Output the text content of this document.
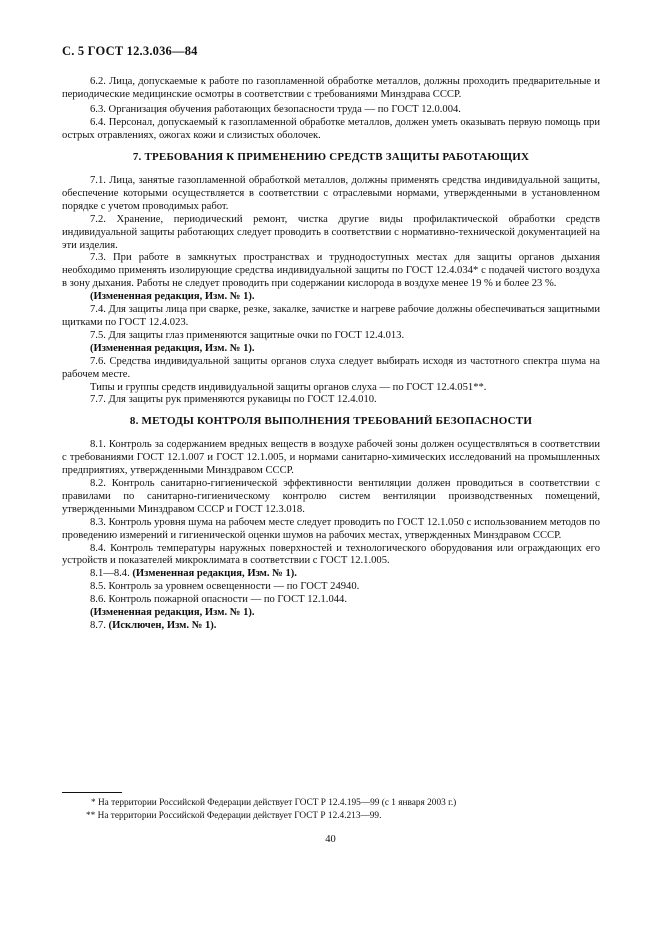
С. 5 ГОСТ 12.3.036—84

6.2. Лица, допускаемые к работе по газопламенной обработке металлов, должны проходить предварительные и периодические медицинские осмотры в соответствии с требованиями Минздрава СССР.

6.3. Организация обучения работающих безопасности труда — по ГОСТ 12.0.004.

6.4. Персонал, допускаемый к газопламенной обработке металлов, должен уметь оказывать первую помощь при острых отравлениях, ожогах кожи и слизистых оболочек.

7. ТРЕБОВАНИЯ К ПРИМЕНЕНИЮ СРЕДСТВ ЗАЩИТЫ РАБОТАЮЩИХ

7.1. Лица, занятые газопламенной обработкой металлов, должны применять средства индивидуальной защиты, обеспечение которыми осуществляется в соответствии с отраслевыми нормами, утвержденными в установленном порядке с учетом проводимых работ.

7.2. Хранение, периодический ремонт, чистка другие виды профилактической обработки средств индивидуальной защиты работающих следует проводить в соответствии с нормативно-технической документацией на эти изделия.

7.3. При работе в замкнутых пространствах и труднодоступных местах для защиты органов дыхания необходимо применять изолирующие средства индивидуальной защиты по ГОСТ 12.4.034* с подачей чистого воздуха в зону дыхания. Работы не следует проводить при содержании кислорода в воздухе менее 19 % и более 23 %.

(Измененная редакция, Изм. № 1).

7.4. Для защиты лица при сварке, резке, закалке, зачистке и нагреве рабочие должны обеспечиваться защитными щитками по ГОСТ 12.4.023.

7.5. Для защиты глаз применяются защитные очки по ГОСТ 12.4.013.

(Измененная редакция, Изм. № 1).

7.6. Средства индивидуальной защиты органов слуха следует выбирать исходя из частотного спектра шума на рабочем месте.

Типы и группы средств индивидуальной защиты органов слуха — по ГОСТ 12.4.051**.

7.7. Для защиты рук применяются рукавицы по ГОСТ 12.4.010.

8. МЕТОДЫ КОНТРОЛЯ ВЫПОЛНЕНИЯ ТРЕБОВАНИЙ БЕЗОПАСНОСТИ

8.1. Контроль за содержанием вредных веществ в воздухе рабочей зоны должен осуществляться в соответствии с требованиями ГОСТ 12.1.007 и ГОСТ 12.1.005, и нормами санитарно-химических исследований на промышленных предприятиях, утвержденными Минздравом СССР.

8.2. Контроль санитарно-гигиенической эффективности вентиляции должен проводиться в соответствии с правилами по санитарно-гигиеническому контролю систем вентиляции производственных помещений, утвержденными Минздравом СССР и ГОСТ 12.3.018.

8.3. Контроль уровня шума на рабочем месте следует проводить по ГОСТ 12.1.050 с использованием методов по проведению измерений и гигиенической оценки шумов на рабочих местах, утвержденных Минздравом СССР.

8.4. Контроль температуры наружных поверхностей и технологического оборудования или ограждающих его устройств и показателей микроклимата в соответствии с ГОСТ 12.1.005.

8.1—8.4. (Измененная редакция, Изм. № 1).

8.5. Контроль за уровнем освещенности — по ГОСТ 24940.

8.6. Контроль пожарной опасности — по ГОСТ 12.1.044.

(Измененная редакция, Изм. № 1).

8.7. (Исключен, Изм. № 1).

* На территории Российской Федерации действует ГОСТ Р 12.4.195—99 (с 1 января 2003 г.)
** На территории Российской Федерации действует ГОСТ Р 12.4.213—99.
40
